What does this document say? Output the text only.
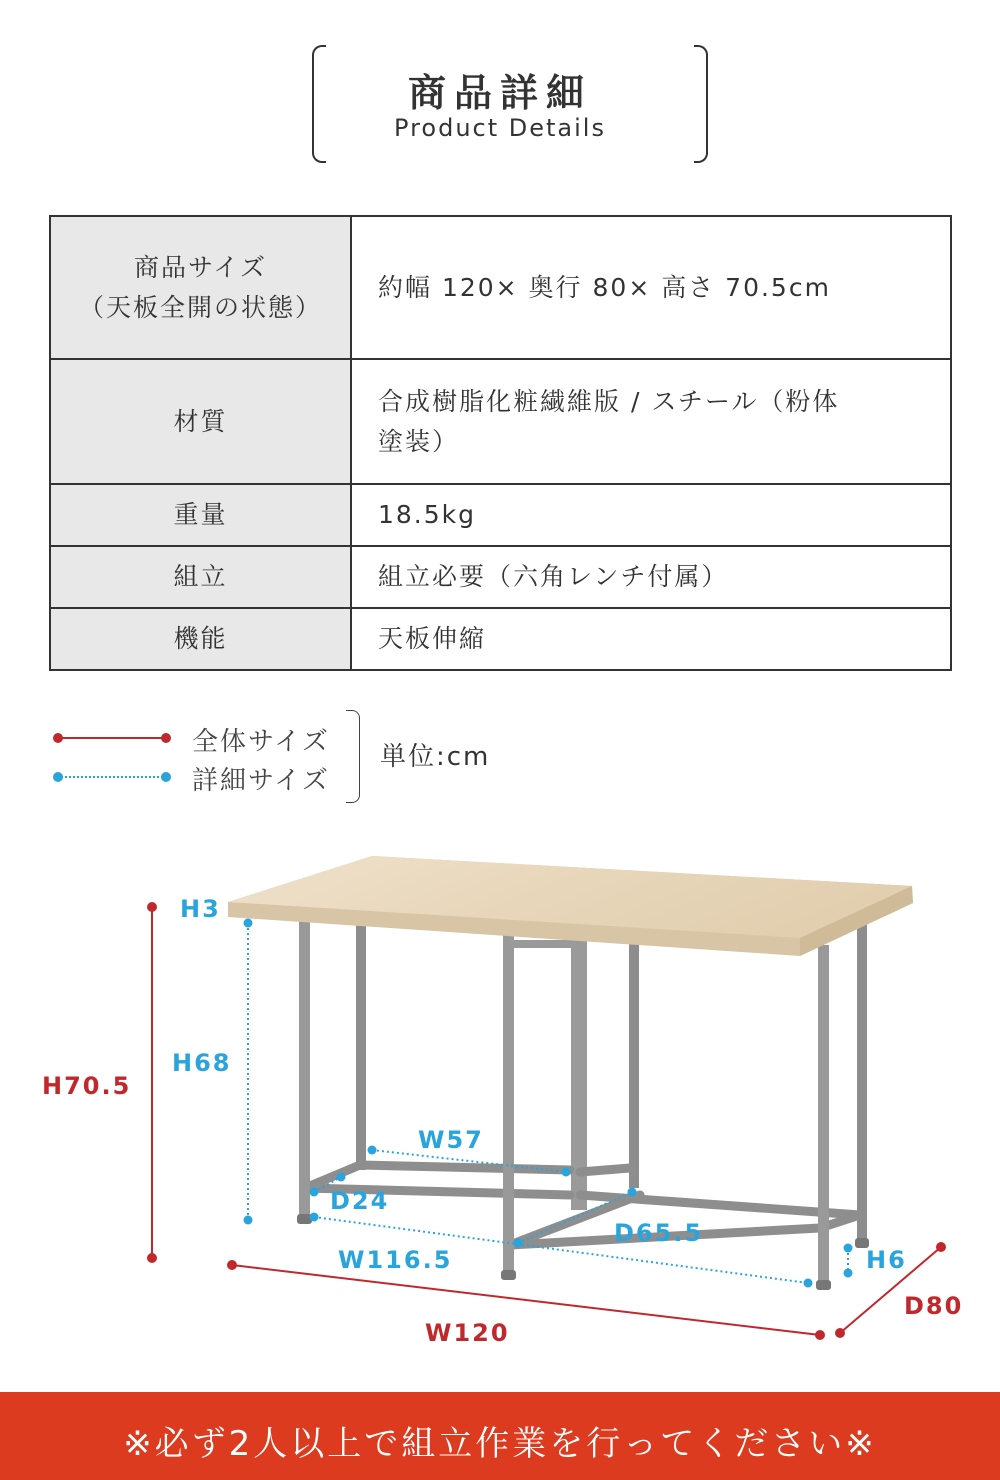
商品詳細
Product Details
商品サイズ
（天板全開の状態）	約幅 120× 奥行 80× 高さ 70.5cm

材質	合成樹脂化粧繊維版 / スチール（粉体
塗装）

重量	18.5kg
組立	組立必要（六角レンチ付属）
機能	天板伸縮
全体サイズ
詳細サイズ
単位:cm
H3
H68
H70.5
W57
D24
D65.5
W116.5	H6
W120
D80
※必ず2人以上で組立作業を行ってください※
